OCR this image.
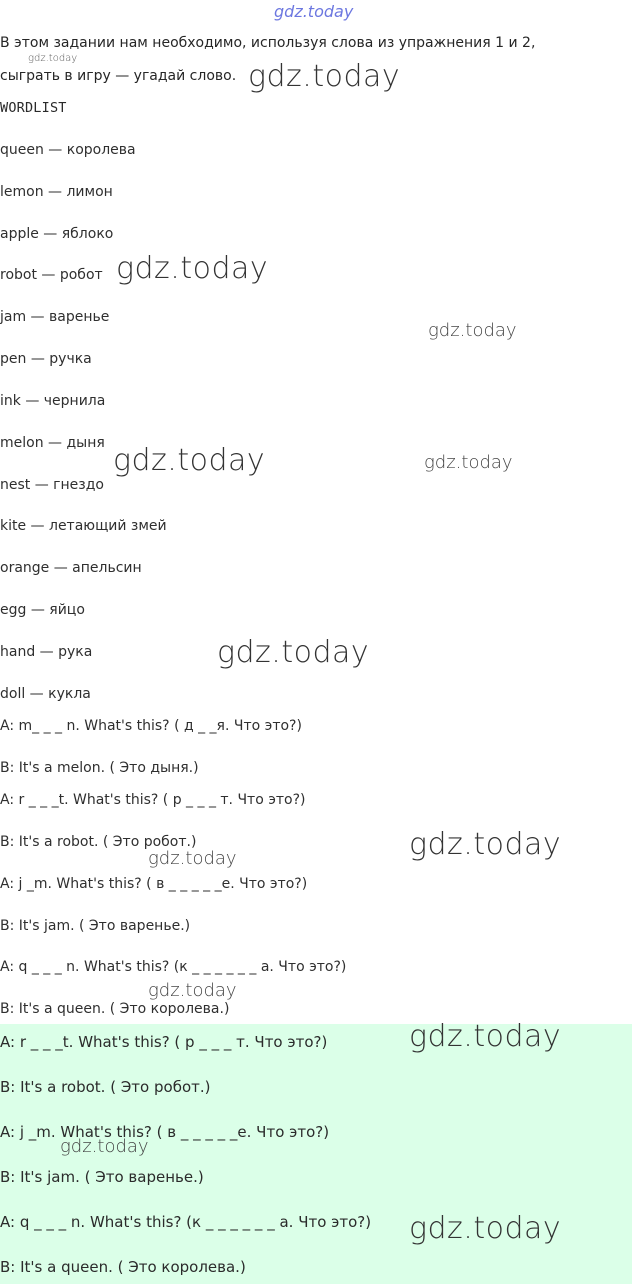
gdz.today
В этом задании нам необходимо, используя слова из упражнения 1 и 2,
сыграть в игру — угадай слово.
WORDLIST
queen — королева
lemon — лимон
apple — яблоко
robot — робот
jam — варенье
pen — ручка
ink — чернила
melon — дыня
nest — гнездо
kite — летающий змей
orange — апельсин
egg — яйцо
hand — рука
doll — кукла
A: m_ _ _ n. What's this? ( д _ _я. Что это?)
B: It's a melon. ( Это дыня.)
A: r _ _ _t. What's this? ( р _ _ _ т. Что это?)
B: It's a robot. ( Это робот.)
A: j _m. What's this? ( в _ _ _ _ _е. Что это?)
B: It's jam. ( Это варенье.)
A: q _ _ _ n. What's this? (к _ _ _ _ _ _ а. Что это?)
B: It's a queen. ( Это королева.)
A: r _ _ _t. What's this? ( р _ _ _ т. Что это?)
B: It's a robot. ( Это робот.)
A: j _m. What's this? ( в _ _ _ _ _е. Что это?)
B: It's jam. ( Это варенье.)
A: q _ _ _ n. What's this? (к _ _ _ _ _ _ а. Что это?)
B: It's a queen. ( Это королева.)
gdz.today
gdz.today
gdz.today
gdz.today
gdz.today	gdz.today
gdz.today
gdz.today
gdz.today
gdz.today
gdz.today
gdz.today
gdz.today
